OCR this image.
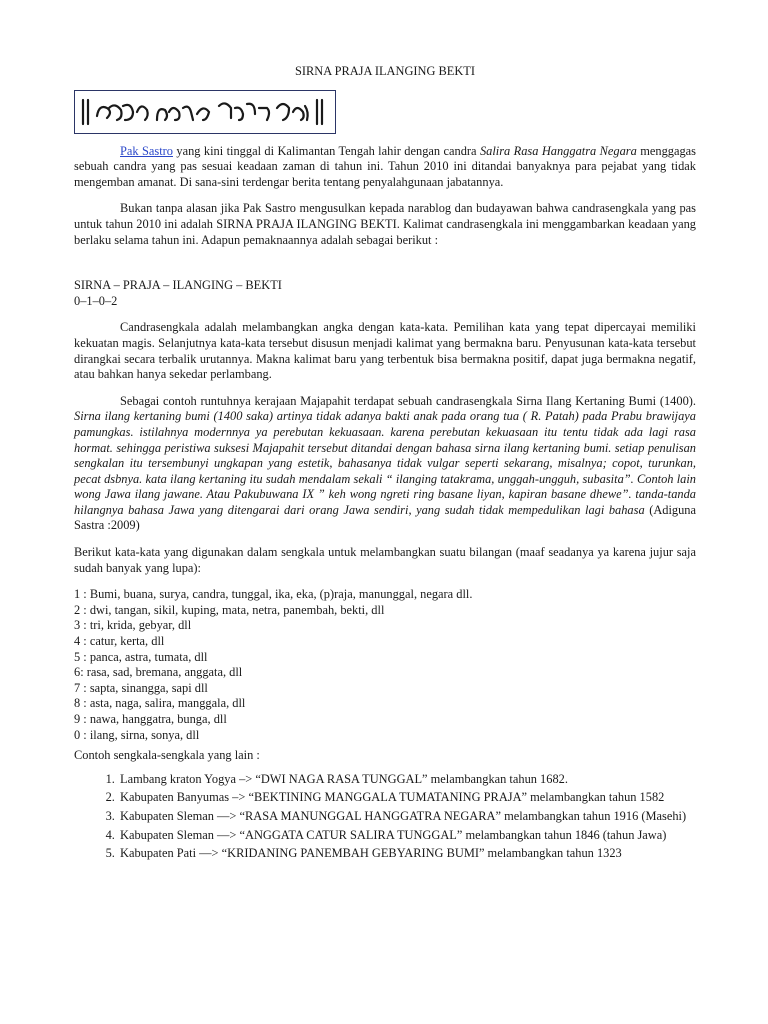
SIRNA PRAJA ILANGING BEKTI

Pak Sastro yang kini tinggal di Kalimantan Tengah lahir dengan candra Salira Rasa Hanggatra Negara menggagas sebuah candra yang pas sesuai keadaan zaman di tahun ini. Tahun 2010 ini ditandai banyaknya para pejabat yang tidak mengemban amanat. Di sana-sini terdengar berita tentang penyalahgunaan jabatannya.

Bukan tanpa alasan jika Pak Sastro mengusulkan kepada narablog dan budayawan bahwa candrasengkala yang pas untuk tahun 2010 ini adalah SIRNA PRAJA ILANGING BEKTI. Kalimat candrasengkala ini menggambarkan keadaan yang berlaku selama tahun ini. Adapun pemaknaannya adalah sebagai berikut :

SIRNA – PRAJA – ILANGING – BEKTI
0–1–0–2

Candrasengkala adalah melambangkan angka dengan kata-kata. Pemilihan kata yang tepat dipercayai memiliki kekuatan magis. Selanjutnya kata-kata tersebut disusun menjadi kalimat yang bermakna baru. Penyusunan kata-kata tersebut dirangkai secara terbalik urutannya. Makna kalimat baru yang terbentuk bisa bermakna positif, dapat juga bermakna negatif, atau bahkan hanya sekedar perlambang.

Sebagai contoh runtuhnya kerajaan Majapahit terdapat sebuah candrasengkala Sirna Ilang Kertaning Bumi (1400). Sirna ilang kertaning bumi (1400 saka) artinya tidak adanya bakti anak pada orang tua ( R. Patah) pada Prabu brawijaya pamungkas. istilahnya modernnya ya perebutan kekuasaan. karena perebutan kekuasaan itu tentu tidak ada lagi rasa hormat. sehingga peristiwa suksesi Majapahit tersebut ditandai dengan bahasa sirna ilang kertaning bumi. setiap penulisan sengkalan itu tersembunyi ungkapan yang estetik, bahasanya tidak vulgar seperti sekarang, misalnya; copot, turunkan, pecat dsbnya. kata ilang kertaning itu sudah mendalam sekali “ ilanging tatakrama, unggah-ungguh, subasita”. Contoh lain wong Jawa ilang jawane. Atau Pakubuwana IX ” keh wong ngreti ring basane liyan, kapiran basane dhewe”. tanda-tanda hilangnya bahasa Jawa yang ditengarai dari orang Jawa sendiri, yang sudah tidak mempedulikan lagi bahasa (Adiguna Sastra :2009)

Berikut kata-kata yang digunakan dalam sengkala untuk melambangkan suatu bilangan (maaf seadanya ya karena jujur saja sudah banyak yang lupa):

1 : Bumi, buana, surya, candra, tunggal, ika, eka, (p)raja, manunggal, negara dll.
2 : dwi, tangan, sikil, kuping, mata, netra, panembah, bekti, dll
3 : tri, krida, gebyar, dll
4 : catur, kerta, dll
5 : panca, astra, tumata, dll
6: rasa, sad, bremana, anggata, dll
7 : sapta, sinangga, sapi dll
8 : asta, naga, salira, manggala, dll
9 : nawa, hanggatra, bunga, dll
0 : ilang, sirna, sonya, dll

Contoh sengkala-sengkala yang lain :

1. Lambang kraton Yogya –> “DWI NAGA RASA TUNGGAL” melambangkan tahun 1682.
2. Kabupaten Banyumas –> “BEKTINING MANGGALA TUMATANING PRAJA” melambangkan tahun 1582
3. Kabupaten Sleman —> “RASA MANUNGGAL HANGGATRA NEGARA” melambangkan tahun 1916 (Masehi)
4. Kabupaten Sleman —> “ANGGATA CATUR SALIRA TUNGGAL” melambangkan tahun 1846 (tahun Jawa)
5. Kabupaten Pati —> “KRIDANING PANEMBAH GEBYARING BUMI” melambangkan tahun 1323
